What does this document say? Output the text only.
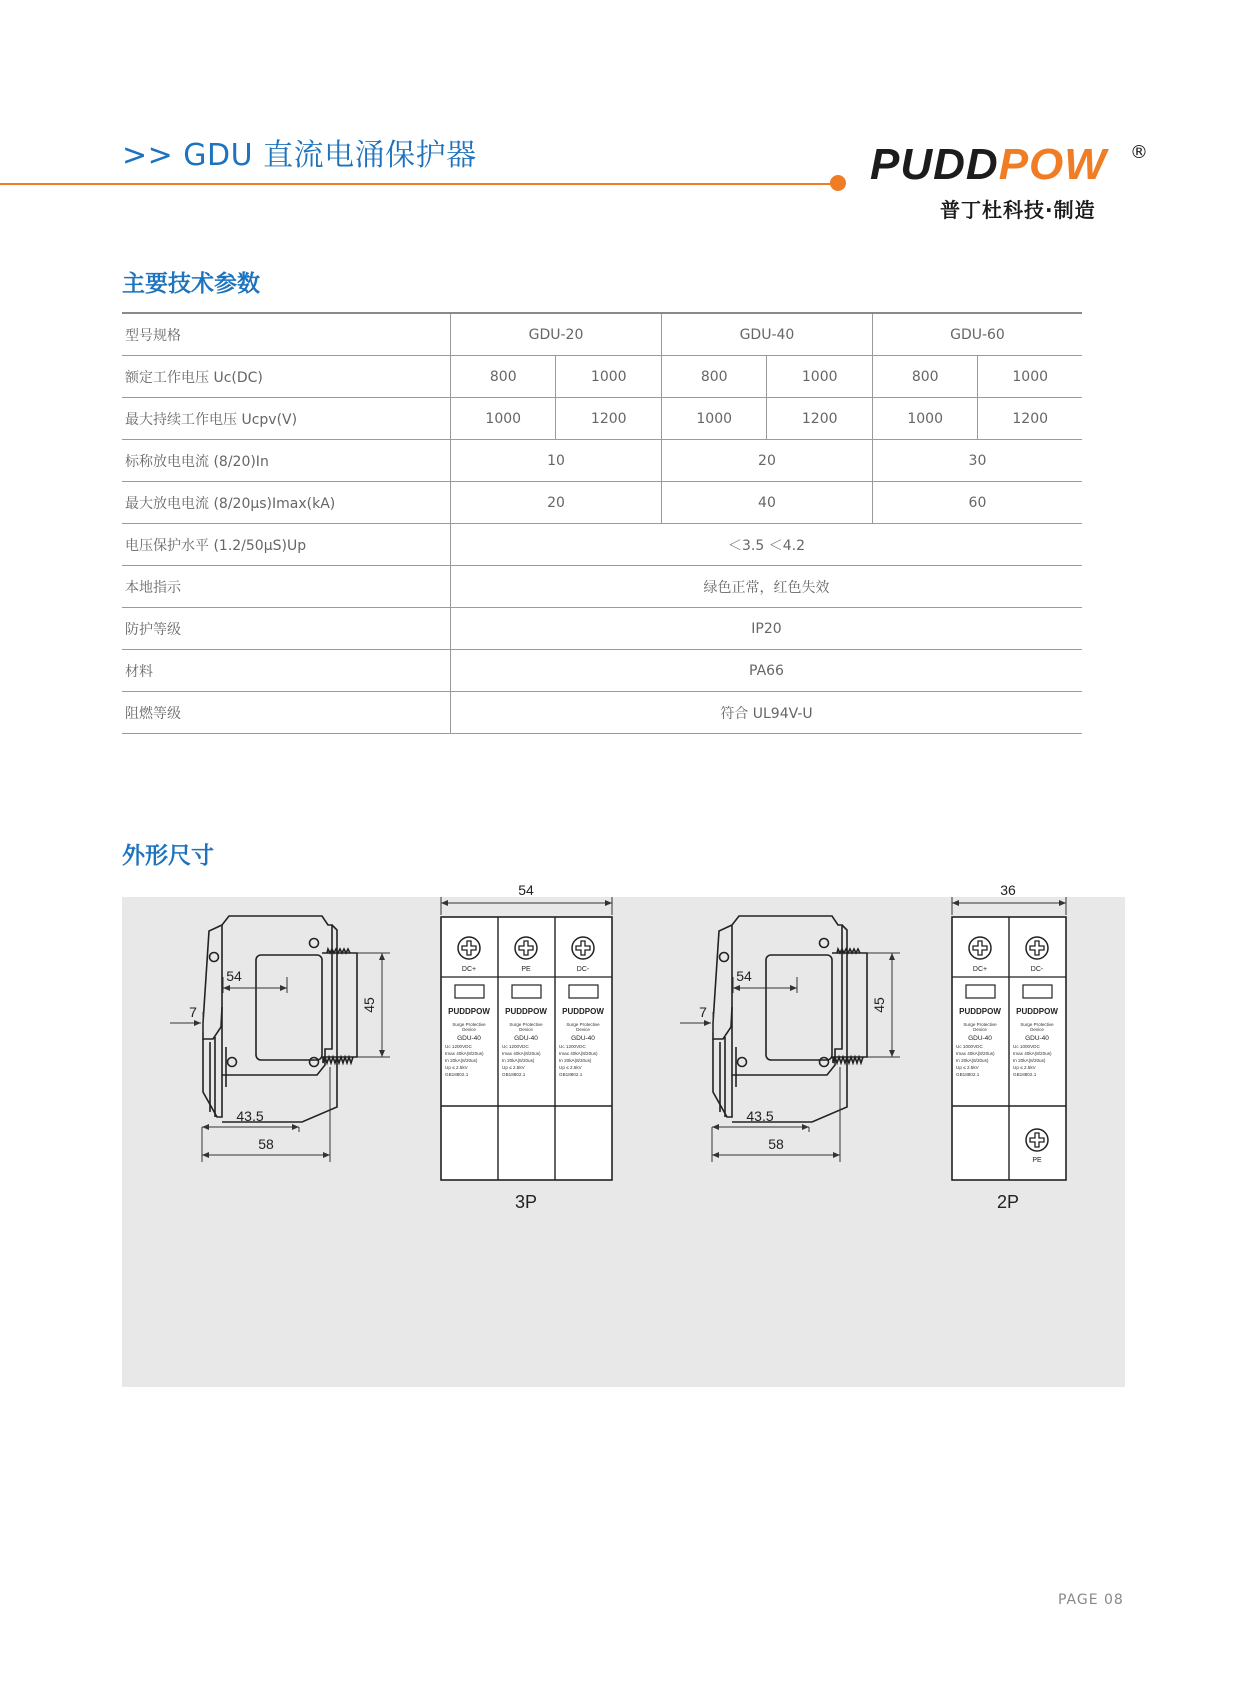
>> GDU 直流电涌保护器	PUDDPOW ®
普丁杜科技·制造
主要技术参数
型号规格	GDU-20		GDU-40		GDU-60	
额定工作电压 Uc(DC)	800	1000	800	1000	800	1000
最大持续工作电压 Ucpv(V)	1000	1200	1000	1200	1000	1200
标称放电电流 (8/20)In	10		20		30	
最大放电电流 (8/20μs)Imax(kA)	20		40		60	
电压保护水平 (1.2/50μS)Up	＜3.5 ＜4.2					
本地指示	绿色正常，红色失效					
防护等级	IP20					
材料	PA66					
阻燃等级	符合 UL94V-U					
外形尺寸
54
45
7
43.5
58
54
DC+	PE	DC-
PUDDPOW PUDDPOW PUDDPOW
Surge Protective	Surge Protective	Surge Protective
Device	Device	Device
GDU-40	GDU-40	GDU-40
Uc 1200VDC
Imax 40kA(8/20us)
In 20kA(8/20us)
Up ≤ 2.5kV
GB18802.1
Uc 1200VDC
Imax 40kA(8/20us)
In 20kA(8/20us)
Up ≤ 2.5kV
GB18802.1
Uc 1200VDC
Imax 40kA(8/20us)
In 20kA(8/20us)
Up ≤ 2.5kV
GB18802.1
3P
54
45
7
43.5
58
36
DC+	DC-
PUDDPOW PUDDPOW
Surge Protective	Surge Protective
Device	Device
GDU-40	GDU-40
Uc 1000VDC
Imax 40kA(8/20us)
In 20kA(8/20us)
Up ≤ 2.5kV
GB18802.1
Uc 1000VDC
Imax 40kA(8/20us)
In 20kA(8/20us)
Up ≤ 2.5kV
GB18802.1
PE
2P
PAGE 08
